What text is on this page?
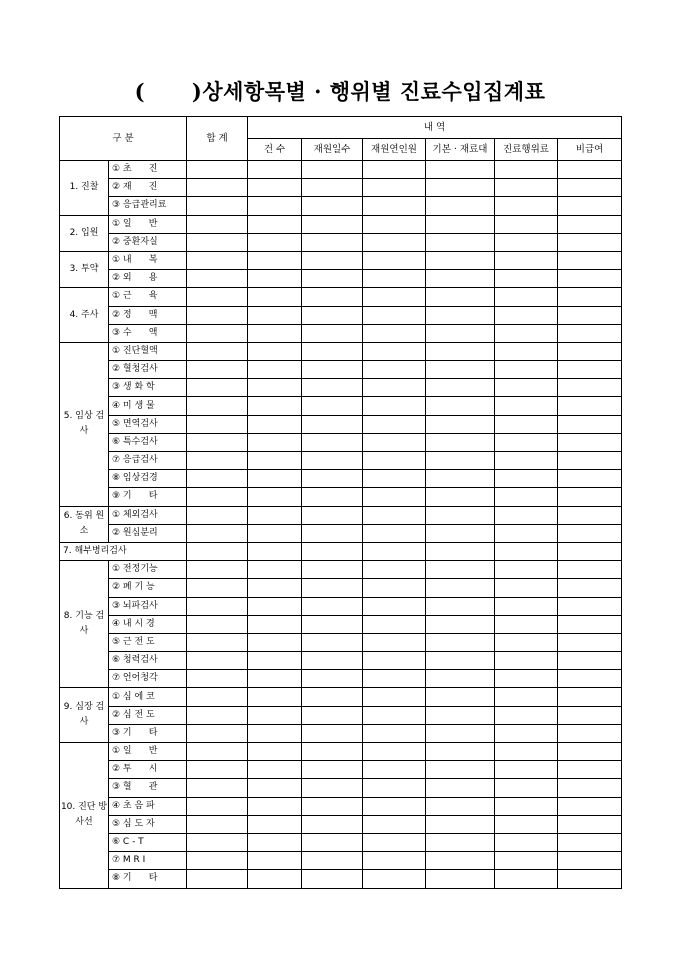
(      )상세항목별 · 행위별 진료수입집계표
구 분		합 계	내 역					
			건 수	재원일수	재원연인원	기본 · 재료대	진료행위료	비급여
1. 진찰	① 초      진							
	② 재      진							
	③ 응급관리료							
2. 입원	① 일      반							
	② 중환자실							
3. 투약	① 내      복							
	② 외      용							
4. 주사	① 근      육							
	② 정      맥							
	③ 수      액							
5. 임상 검사	① 진단혈액							
	② 혈청검사							
	③ 생 화 학							
	④ 미 생 물							
	⑤ 면역검사							
	⑥ 특수검사							
	⑦ 응급검사							
	⑧ 임상검경							
	⑨ 기      타							
6. 동위 원소	① 체외검사							
	② 원심분리							
7. 해부병리검사								
8. 기능 검사	① 전정기능							
	② 폐 기 능							
	③ 뇌파검사							
	④ 내 시 경							
	⑤ 근 전 도							
	⑥ 청력검사							
	⑦ 언어청각							
9. 심장 검사	① 심 에 코							
	② 심 전 도							
	③ 기      타							
10. 진단 방사선	① 일      반							
	② 투      시							
	③ 혈      관							
	④ 초 음 파							
	⑤ 심 도 자							
	⑥ C - T							
	⑦ M R I							
	⑧ 기      타							
